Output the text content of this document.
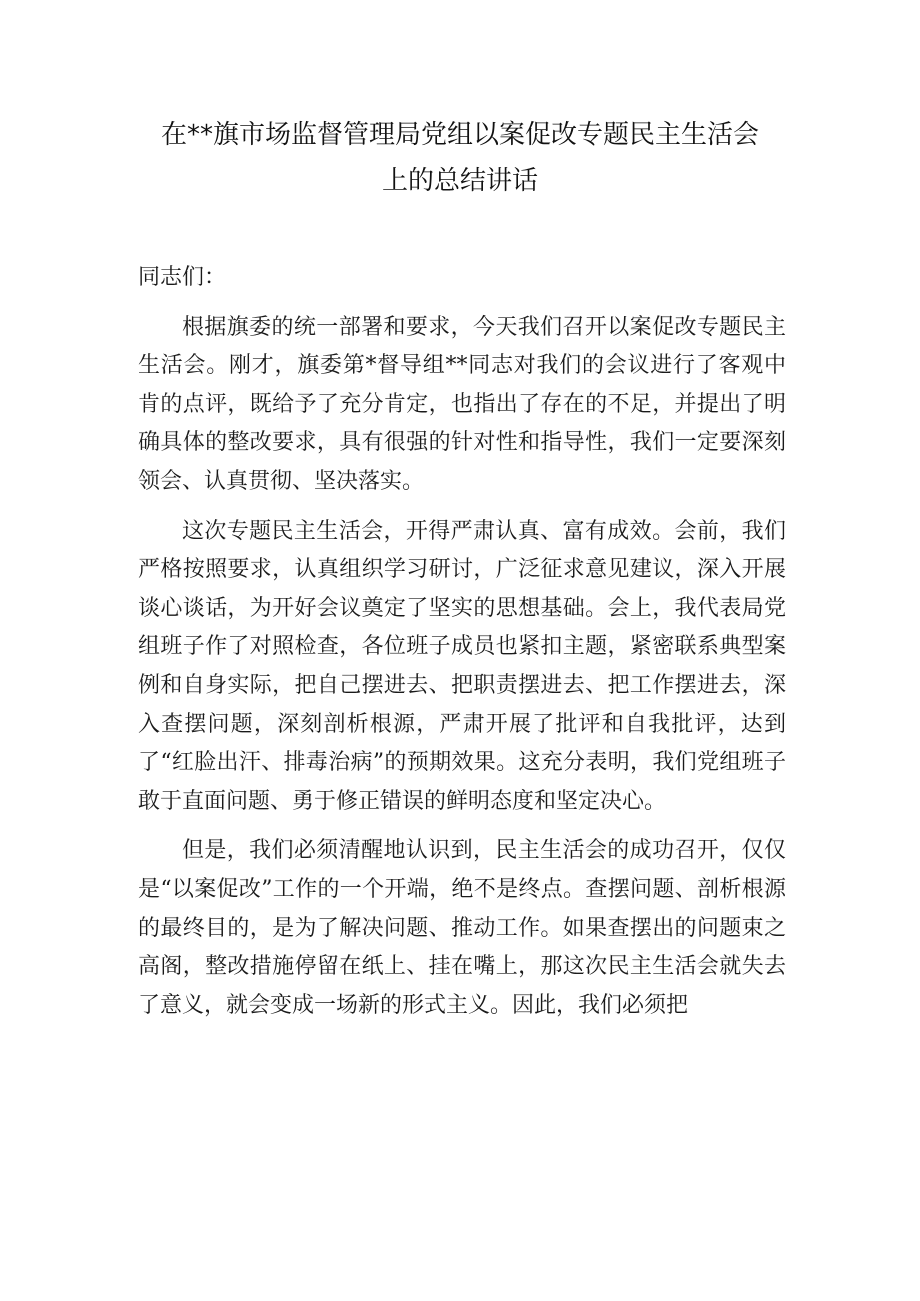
在**旗市场监督管理局党组以案促改专题民主生活会
上的总结讲话

同志们：

根据旗委的统一部署和要求，今天我们召开以案促改专题民主生活会。刚才，旗委第*督导组**同志对我们的会议进行了客观中肯的点评，既给予了充分肯定，也指出了存在的不足，并提出了明确具体的整改要求，具有很强的针对性和指导性，我们一定要深刻领会、认真贯彻、坚决落实。

这次专题民主生活会，开得严肃认真、富有成效。会前，我们严格按照要求，认真组织学习研讨，广泛征求意见建议，深入开展谈心谈话，为开好会议奠定了坚实的思想基础。会上，我代表局党组班子作了对照检查，各位班子成员也紧扣主题，紧密联系典型案例和自身实际，把自己摆进去、把职责摆进去、把工作摆进去，深入查摆问题，深刻剖析根源，严肃开展了批评和自我批评，达到了“红脸出汗、排毒治病”的预期效果。这充分表明，我们党组班子敢于直面问题、勇于修正错误的鲜明态度和坚定决心。

但是，我们必须清醒地认识到，民主生活会的成功召开，仅仅是“以案促改”工作的一个开端，绝不是终点。查摆问题、剖析根源的最终目的，是为了解决问题、推动工作。如果查摆出的问题束之高阁，整改措施停留在纸上、挂在嘴上，那这次民主生活会就失去了意义，就会变成一场新的形式主义。因此，我们必须把
